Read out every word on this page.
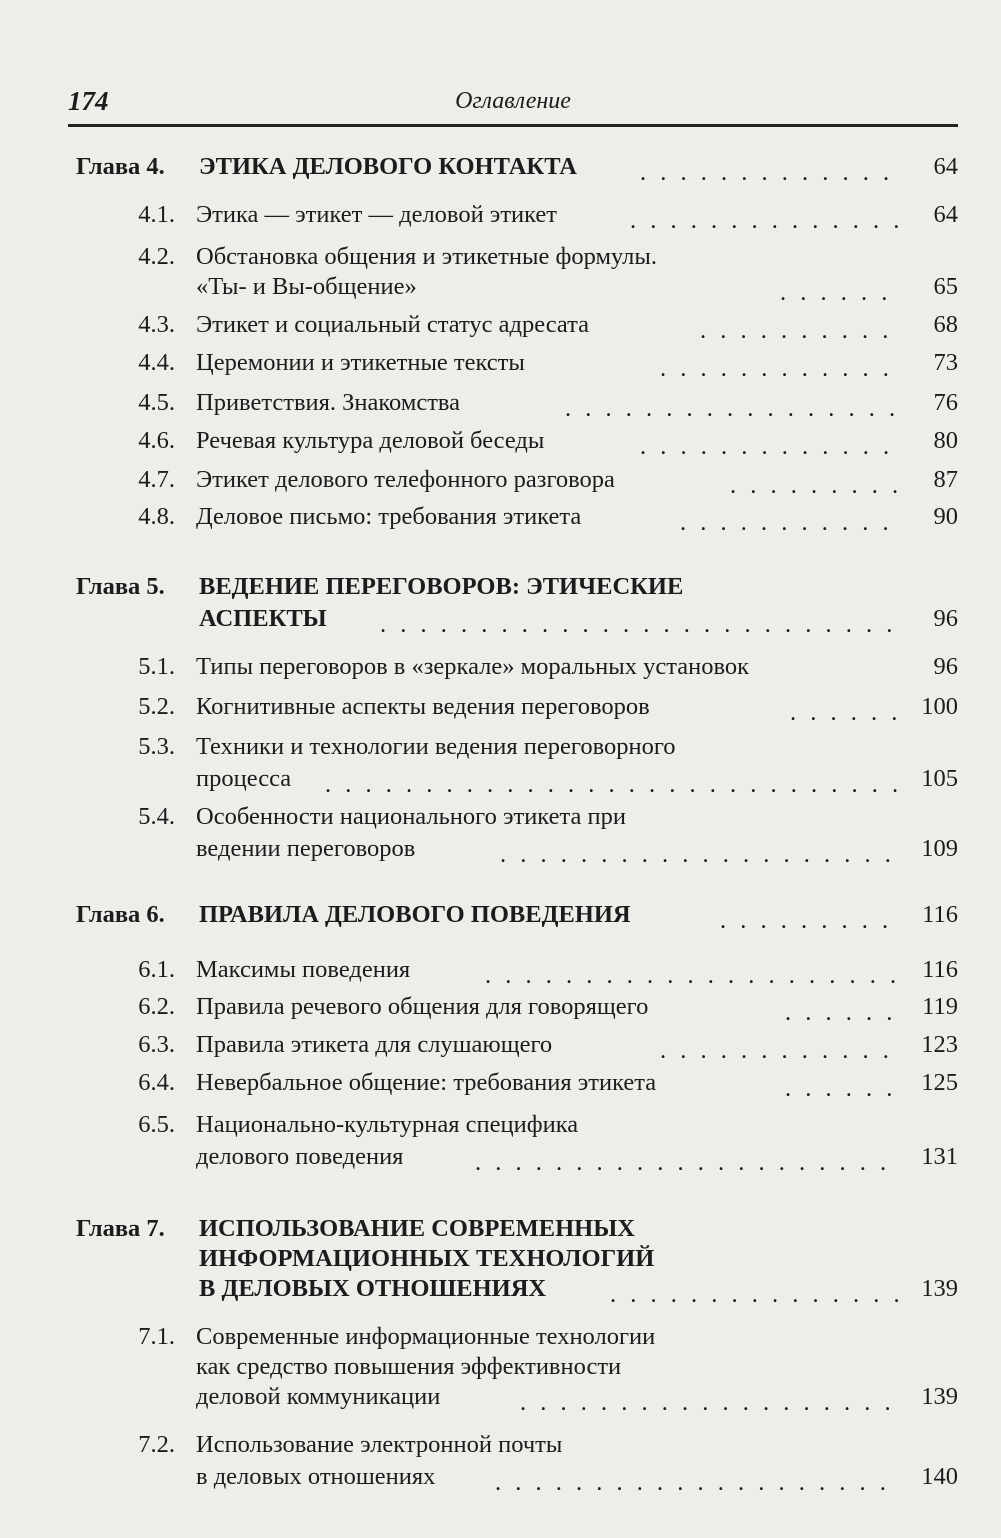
174	Оглавление
Глава 4. ЭТИКА ДЕЛОВОГО КОНТАКТА . . .	64
4.1. Этика — этикет — деловой этикет . . .	64
4.2. Обстановка общения и этикетные формулы.
«Ты- и Вы-общение» . . .	65
4.3. Этикет и социальный статус адресата . . .	68
4.4. Церемонии и этикетные тексты . . .	73
4.5. Приветствия. Знакомства . . .	76
4.6. Речевая культура деловой беседы . . .	80
4.7. Этикет делового телефонного разговора . . .	87
4.8. Деловое письмо: требования этикета . . .	90
Глава 5. ВЕДЕНИЕ ПЕРЕГОВОРОВ: ЭТИЧЕСКИЕ
АСПЕКТЫ . . .	96
5.1. Типы переговоров в «зеркале» моральных установок	96
5.2. Когнитивные аспекты ведения переговоров . . .	100
5.3. Техники и технологии ведения переговорного
процесса . . .	105
5.4. Особенности национального этикета при
ведении переговоров . . .	109
Глава 6. ПРАВИЛА ДЕЛОВОГО ПОВЕДЕНИЯ . . .	116
6.1. Максимы поведения . . .	116
6.2. Правила речевого общения для говорящего . . .	119
6.3. Правила этикета для слушающего . . .	123
6.4. Невербальное общение: требования этикета . . .	125
6.5. Национально-культурная специфика
делового поведения . . .	131
Глава 7. ИСПОЛЬЗОВАНИЕ СОВРЕМЕННЫХ
ИНФОРМАЦИОННЫХ ТЕХНОЛОГИЙ
В ДЕЛОВЫХ ОТНОШЕНИЯХ . . .	139
7.1. Современные информационные технологии
как средство повышения эффективности
деловой коммуникации . . .	139
7.2. Использование электронной почты
в деловых отношениях . . .	140
